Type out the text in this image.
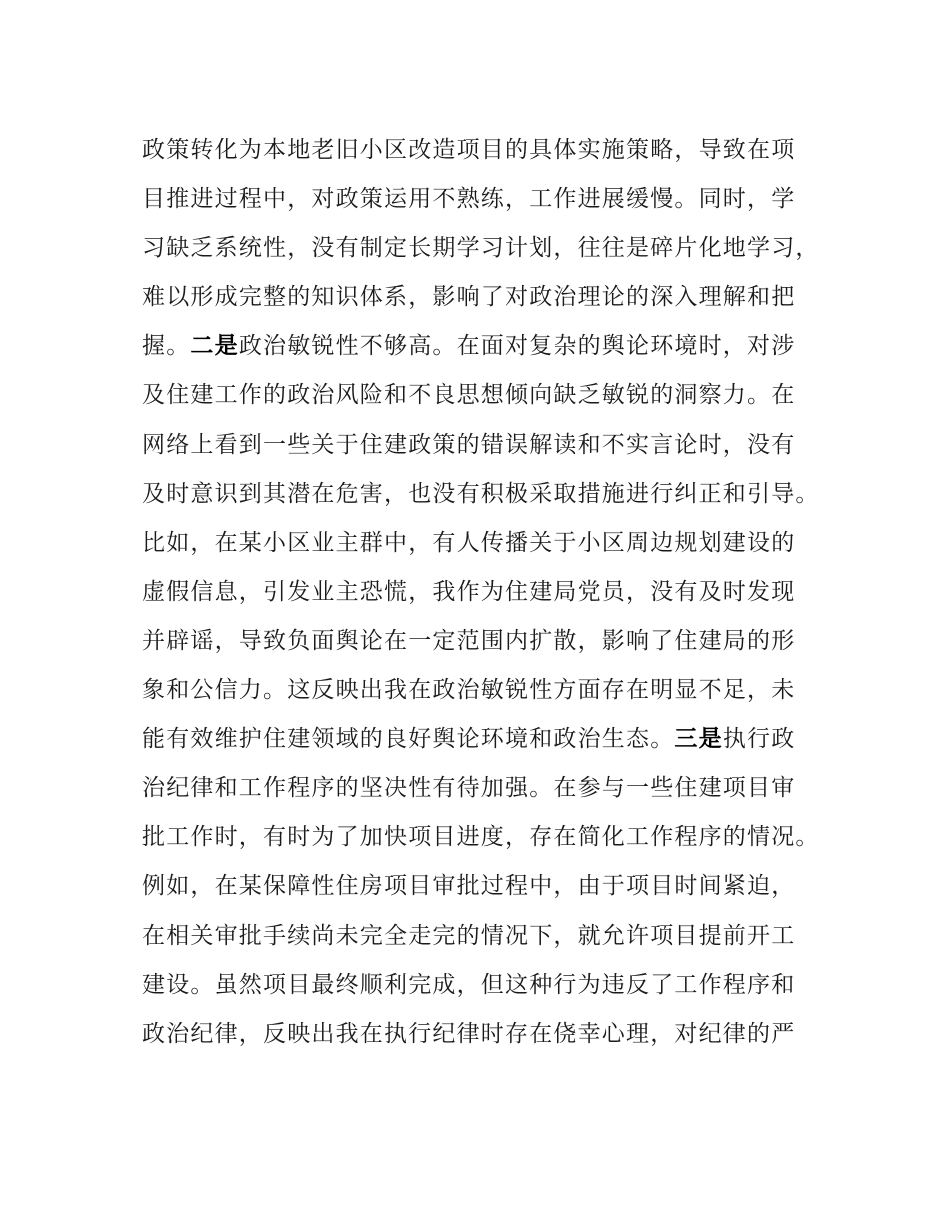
政策转化为本地老旧小区改造项目的具体实施策略，导致在项
目推进过程中，对政策运用不熟练，工作进展缓慢。同时，学
习缺乏系统性，没有制定长期学习计划，往往是碎片化地学习，
难以形成完整的知识体系，影响了对政治理论的深入理解和把
握。二是政治敏锐性不够高。在面对复杂的舆论环境时，对涉
及住建工作的政治风险和不良思想倾向缺乏敏锐的洞察力。在
网络上看到一些关于住建政策的错误解读和不实言论时，没有
及时意识到其潜在危害，也没有积极采取措施进行纠正和引导。
比如，在某小区业主群中，有人传播关于小区周边规划建设的
虚假信息，引发业主恐慌，我作为住建局党员，没有及时发现
并辟谣，导致负面舆论在一定范围内扩散，影响了住建局的形
象和公信力。这反映出我在政治敏锐性方面存在明显不足，未
能有效维护住建领域的良好舆论环境和政治生态。三是执行政
治纪律和工作程序的坚决性有待加强。在参与一些住建项目审
批工作时，有时为了加快项目进度，存在简化工作程序的情况。
例如，在某保障性住房项目审批过程中，由于项目时间紧迫，
在相关审批手续尚未完全走完的情况下，就允许项目提前开工
建设。虽然项目最终顺利完成，但这种行为违反了工作程序和
政治纪律，反映出我在执行纪律时存在侥幸心理，对纪律的严
